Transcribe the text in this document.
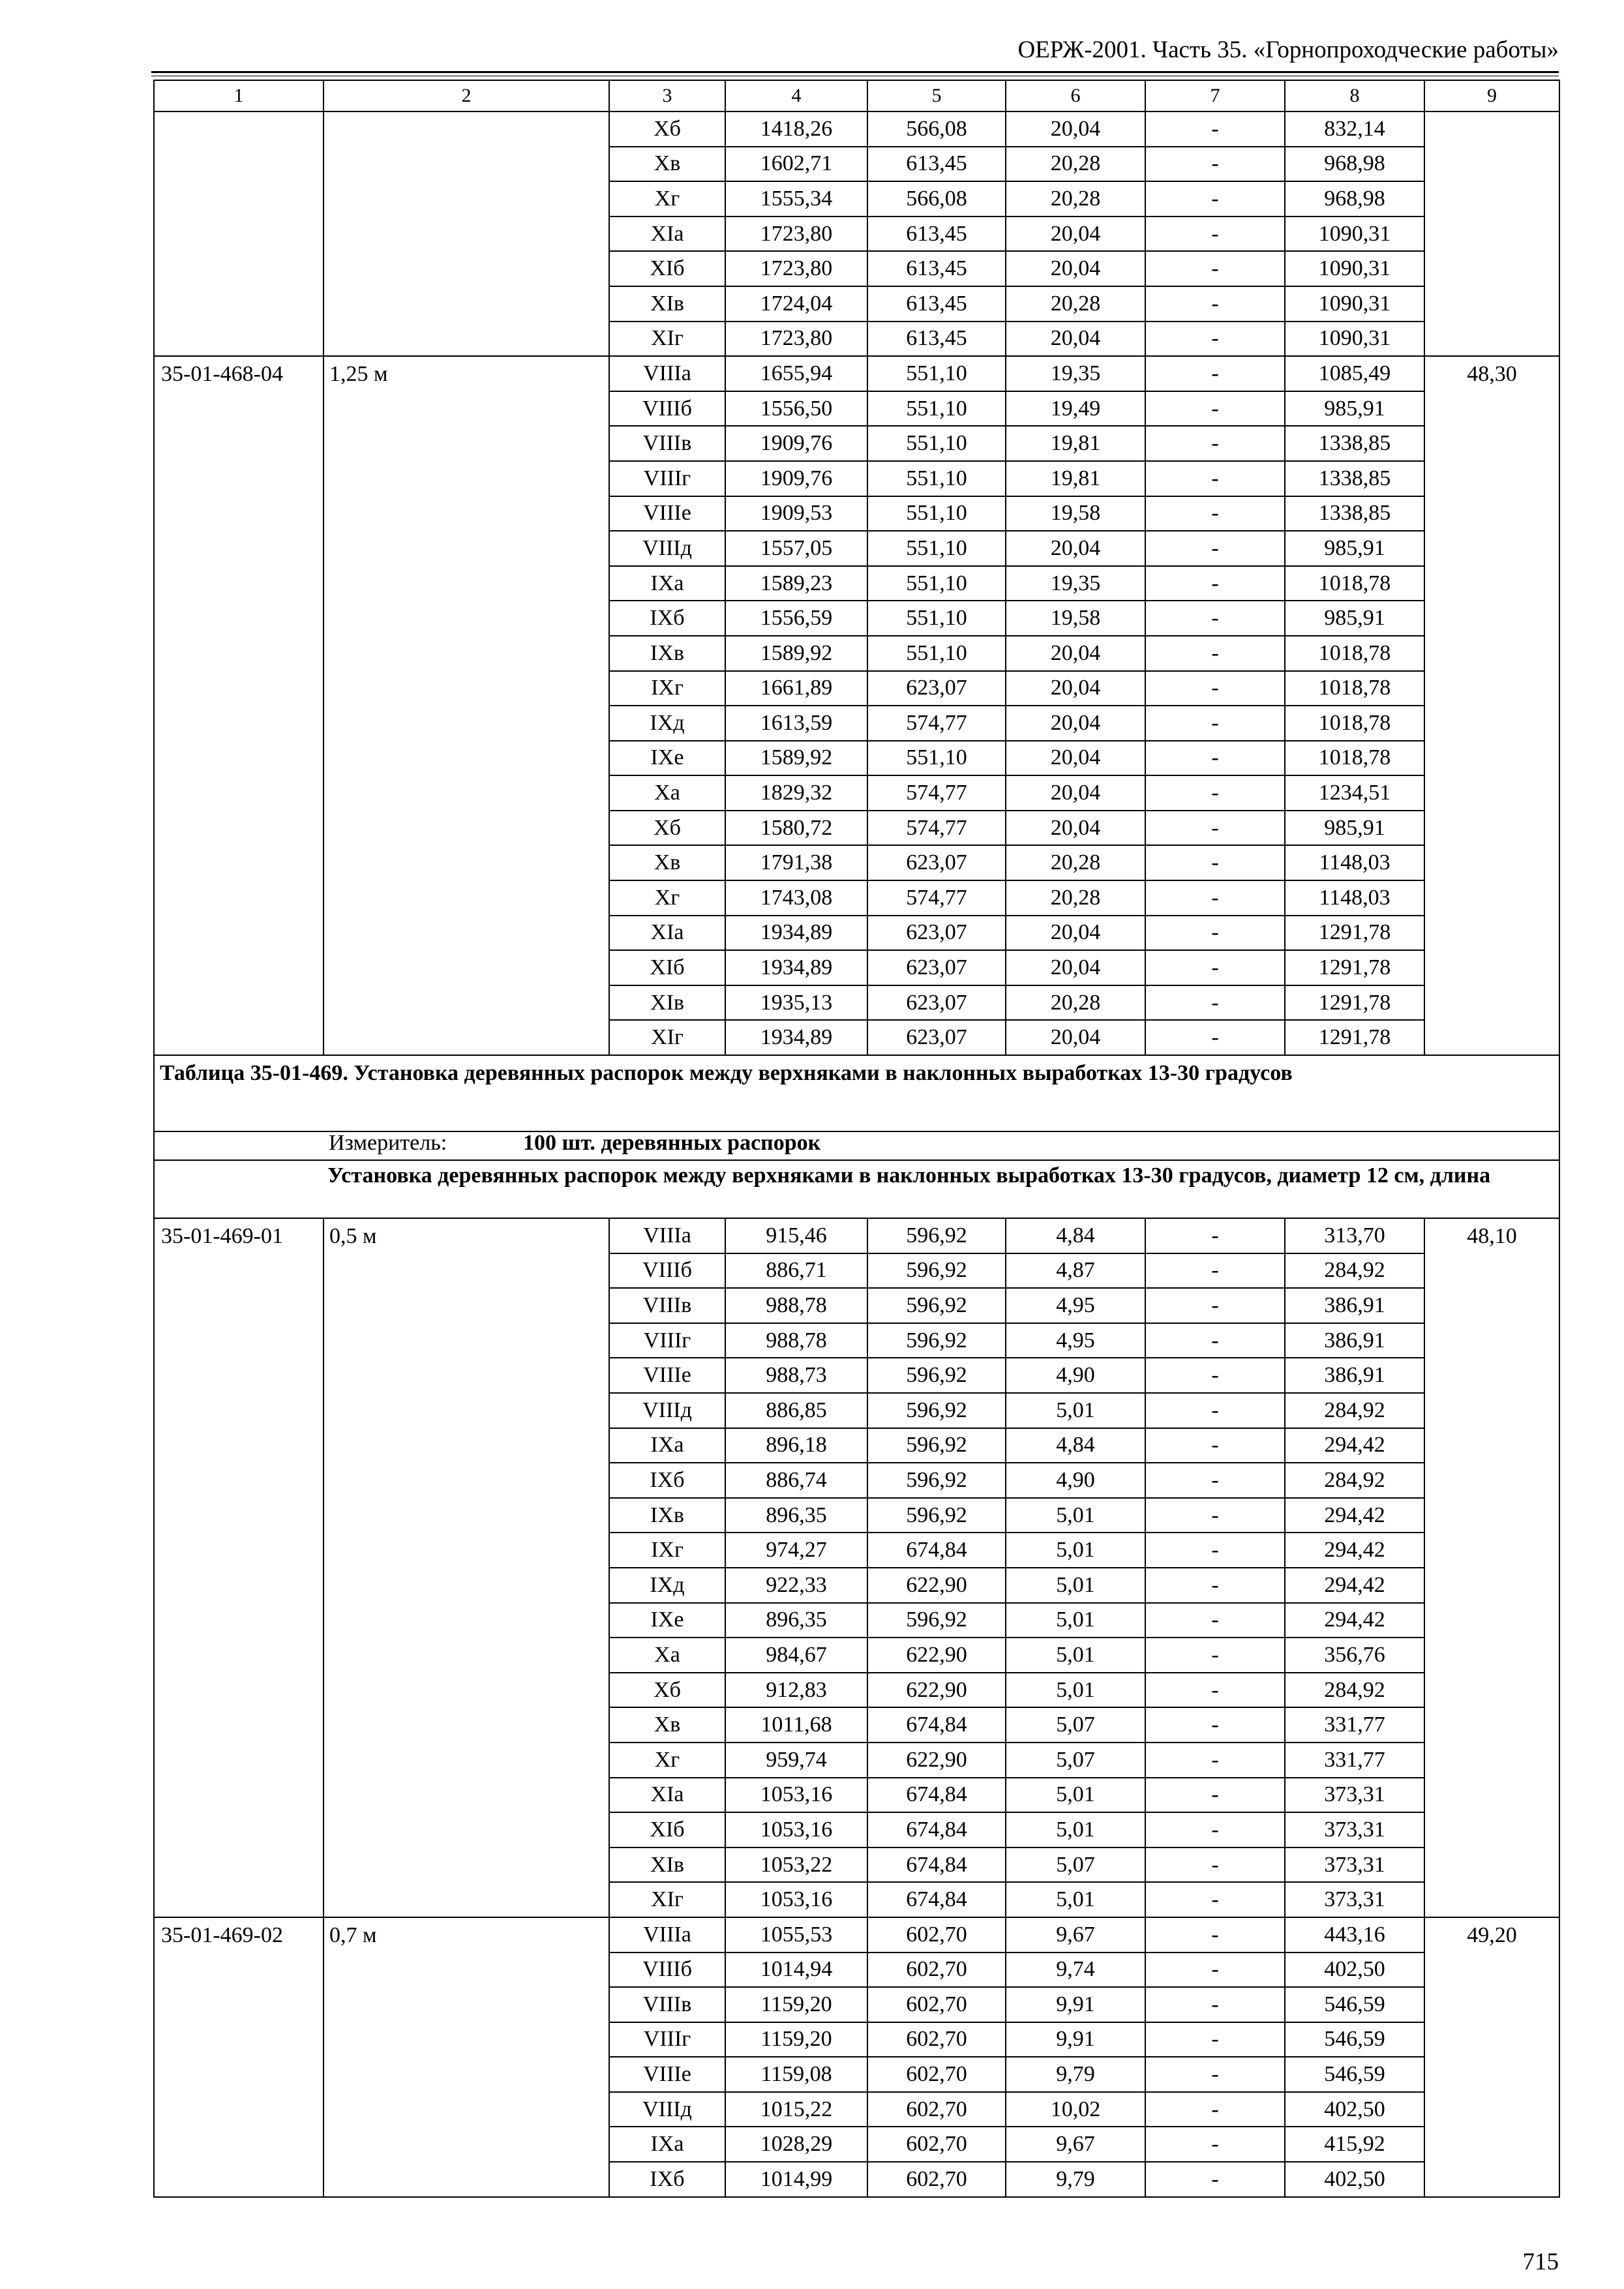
ОЕРЖ-2001. Часть 35. «Горнопроходческие работы»
1	2	3	4	5	6	7	8	9
		Xб	1418,26	566,08	20,04	-	832,14	
		Xв	1602,71	613,45	20,28	-	968,98	
		Xг	1555,34	566,08	20,28	-	968,98	
		XIа	1723,80	613,45	20,04	-	1090,31	
		XIб	1723,80	613,45	20,04	-	1090,31	
		XIв	1724,04	613,45	20,28	-	1090,31	
		XIг	1723,80	613,45	20,04	-	1090,31	
35-01-468-04	1,25 м	VIIIа	1655,94	551,10	19,35	-	1085,49	48,30
		VIIIб	1556,50	551,10	19,49	-	985,91	
		VIIIв	1909,76	551,10	19,81	-	1338,85	
		VIIIг	1909,76	551,10	19,81	-	1338,85	
		VIIIе	1909,53	551,10	19,58	-	1338,85	
		VIIIд	1557,05	551,10	20,04	-	985,91	
		IXа	1589,23	551,10	19,35	-	1018,78	
		IXб	1556,59	551,10	19,58	-	985,91	
		IXв	1589,92	551,10	20,04	-	1018,78	
		IXг	1661,89	623,07	20,04	-	1018,78	
		IXд	1613,59	574,77	20,04	-	1018,78	
		IXе	1589,92	551,10	20,04	-	1018,78	
		Xа	1829,32	574,77	20,04	-	1234,51	
		Xб	1580,72	574,77	20,04	-	985,91	
		Xв	1791,38	623,07	20,28	-	1148,03	
		Xг	1743,08	574,77	20,28	-	1148,03	
		XIа	1934,89	623,07	20,04	-	1291,78	
		XIб	1934,89	623,07	20,04	-	1291,78	
		XIв	1935,13	623,07	20,28	-	1291,78	
		XIг	1934,89	623,07	20,04	-	1291,78	
Таблица 35-01-469. Установка деревянных распорок между верхняками в наклонных выработках 13-30 градусов								
	Измеритель: 100 шт. деревянных распорок							
	Установка деревянных распорок между верхняками в наклонных выработках 13-30 градусов, диаметр 12 см, длина							
35-01-469-01	0,5 м	VIIIа	915,46	596,92	4,84	-	313,70	48,10
		VIIIб	886,71	596,92	4,87	-	284,92	
		VIIIв	988,78	596,92	4,95	-	386,91	
		VIIIг	988,78	596,92	4,95	-	386,91	
		VIIIе	988,73	596,92	4,90	-	386,91	
		VIIIд	886,85	596,92	5,01	-	284,92	
		IXа	896,18	596,92	4,84	-	294,42	
		IXб	886,74	596,92	4,90	-	284,92	
		IXв	896,35	596,92	5,01	-	294,42	
		IXг	974,27	674,84	5,01	-	294,42	
		IXд	922,33	622,90	5,01	-	294,42	
		IXе	896,35	596,92	5,01	-	294,42	
		Xа	984,67	622,90	5,01	-	356,76	
		Xб	912,83	622,90	5,01	-	284,92	
		Xв	1011,68	674,84	5,07	-	331,77	
		Xг	959,74	622,90	5,07	-	331,77	
		XIа	1053,16	674,84	5,01	-	373,31	
		XIб	1053,16	674,84	5,01	-	373,31	
		XIв	1053,22	674,84	5,07	-	373,31	
		XIг	1053,16	674,84	5,01	-	373,31	
35-01-469-02	0,7 м	VIIIа	1055,53	602,70	9,67	-	443,16	49,20
		VIIIб	1014,94	602,70	9,74	-	402,50	
		VIIIв	1159,20	602,70	9,91	-	546,59	
		VIIIг	1159,20	602,70	9,91	-	546,59	
		VIIIе	1159,08	602,70	9,79	-	546,59	
		VIIIд	1015,22	602,70	10,02	-	402,50	
		IXа	1028,29	602,70	9,67	-	415,92	
		IXб	1014,99	602,70	9,79	-	402,50	
715
